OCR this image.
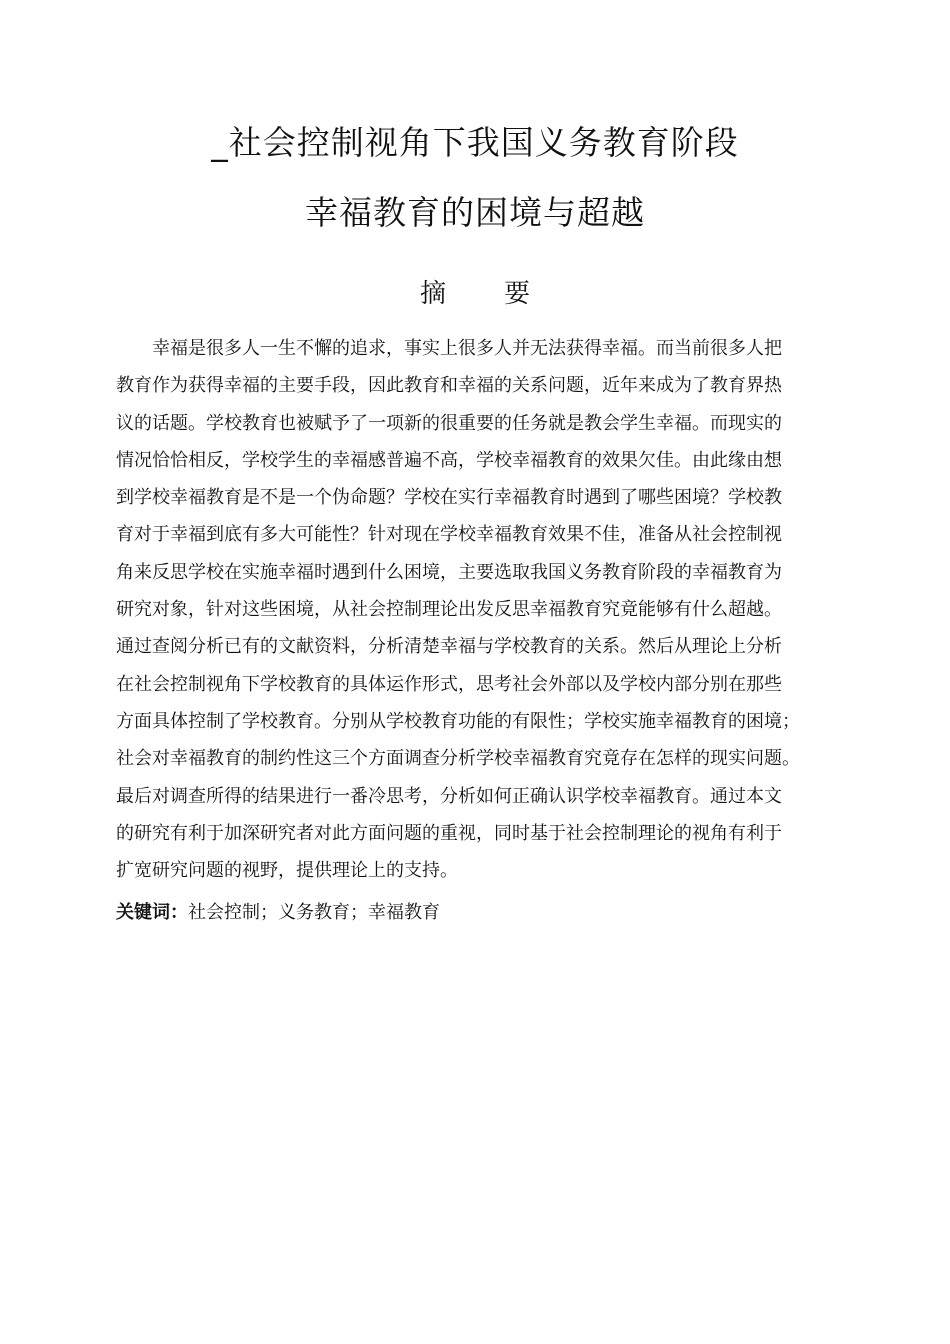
_社会控制视角下我国义务教育阶段
幸福教育的困境与超越
摘 要
幸福是很多人一生不懈的追求，事实上很多人并无法获得幸福。而当前很多人把
教育作为获得幸福的主要手段，因此教育和幸福的关系问题，近年来成为了教育界热
议的话题。学校教育也被赋予了一项新的很重要的任务就是教会学生幸福。而现实的
情况恰恰相反，学校学生的幸福感普遍不高，学校幸福教育的效果欠佳。由此缘由想
到学校幸福教育是不是一个伪命题？学校在实行幸福教育时遇到了哪些困境？学校教
育对于幸福到底有多大可能性？针对现在学校幸福教育效果不佳，准备从社会控制视
角来反思学校在实施幸福时遇到什么困境，主要选取我国义务教育阶段的幸福教育为
研究对象，针对这些困境，从社会控制理论出发反思幸福教育究竟能够有什么超越。
通过查阅分析已有的文献资料，分析清楚幸福与学校教育的关系。然后从理论上分析
在社会控制视角下学校教育的具体运作形式，思考社会外部以及学校内部分别在那些
方面具体控制了学校教育。分别从学校教育功能的有限性；学校实施幸福教育的困境；
社会对幸福教育的制约性这三个方面调查分析学校幸福教育究竟存在怎样的现实问题。
最后对调查所得的结果进行一番冷思考，分析如何正确认识学校幸福教育。通过本文
的研究有利于加深研究者对此方面问题的重视，同时基于社会控制理论的视角有利于
扩宽研究问题的视野，提供理论上的支持。
关键词：社会控制；义务教育；幸福教育
